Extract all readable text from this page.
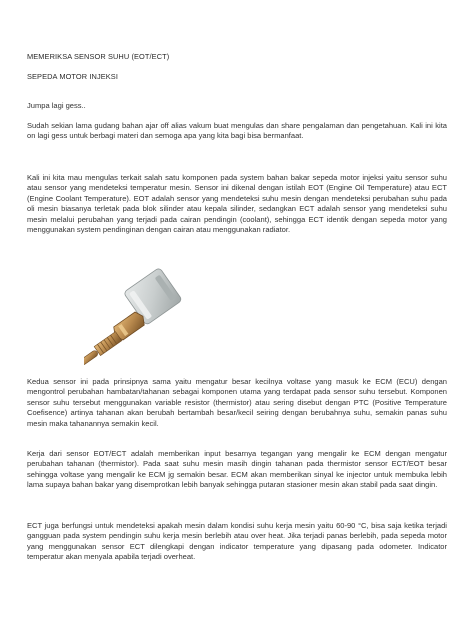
MEMERIKSA SENSOR SUHU (EOT/ECT)
SEPEDA MOTOR INJEKSI

Jumpa lagi gess..

Sudah sekian lama gudang bahan ajar off alias vakum buat mengulas dan share pengalaman dan pengetahuan. Kali ini kita on lagi gess untuk berbagi materi dan semoga apa yang kita bagi bisa bermanfaat.

Kali ini kita mau mengulas terkait salah satu komponen pada system bahan bakar sepeda motor injeksi yaitu sensor suhu atau sensor yang mendeteksi temperatur mesin. Sensor ini dikenal dengan istilah EOT (Engine Oil Temperature) atau ECT (Engine Coolant Temperature). EOT adalah sensor yang mendeteksi suhu mesin dengan mendeteksi perubahan suhu pada oli mesin biasanya terletak pada blok silinder atau kepala silinder, sedangkan ECT adalah sensor yang mendeteksi suhu mesin melalui perubahan yang terjadi pada cairan pendingin (coolant), sehingga ECT identik dengan sepeda motor yang menggunakan system pendinginan dengan cairan atau menggunakan radiator.

Kedua sensor ini pada prinsipnya sama yaitu mengatur besar kecilnya voltase yang masuk ke ECM (ECU) dengan mengontrol perubahan hambatan/tahanan sebagai komponen utama yang terdapat pada sensor suhu tersebut. Komponen sensor suhu tersebut menggunakan variable resistor (thermistor) atau sering disebut dengan PTC (Positive Temperature Coefisence) artinya tahanan akan berubah bertambah besar/kecil seiring dengan berubahnya suhu, semakin panas suhu mesin maka tahanannya semakin kecil.

Kerja dari sensor EOT/ECT adalah memberikan input besarnya tegangan yang mengalir ke ECM dengan mengatur perubahan tahanan (thermistor). Pada saat suhu mesin masih dingin tahanan pada thermistor sensor ECT/EOT besar sehingga voltase yang mengalir ke ECM jg semakin besar. ECM akan memberikan sinyal ke injector untuk membuka lebih lama supaya bahan bakar yang disemprotkan lebih banyak sehingga putaran stasioner mesin akan stabil pada saat dingin.

ECT juga berfungsi untuk mendeteksi apakah mesin dalam kondisi suhu kerja mesin yaitu 60-90 °C, bisa saja ketika terjadi gangguan pada system pendingin suhu kerja mesin berlebih atau over heat. Jika terjadi panas berlebih, pada sepeda motor yang menggunakan sensor ECT dilengkapi dengan indicator temperature yang dipasang pada odometer. Indicator temperatur akan menyala apabila terjadi overheat.
